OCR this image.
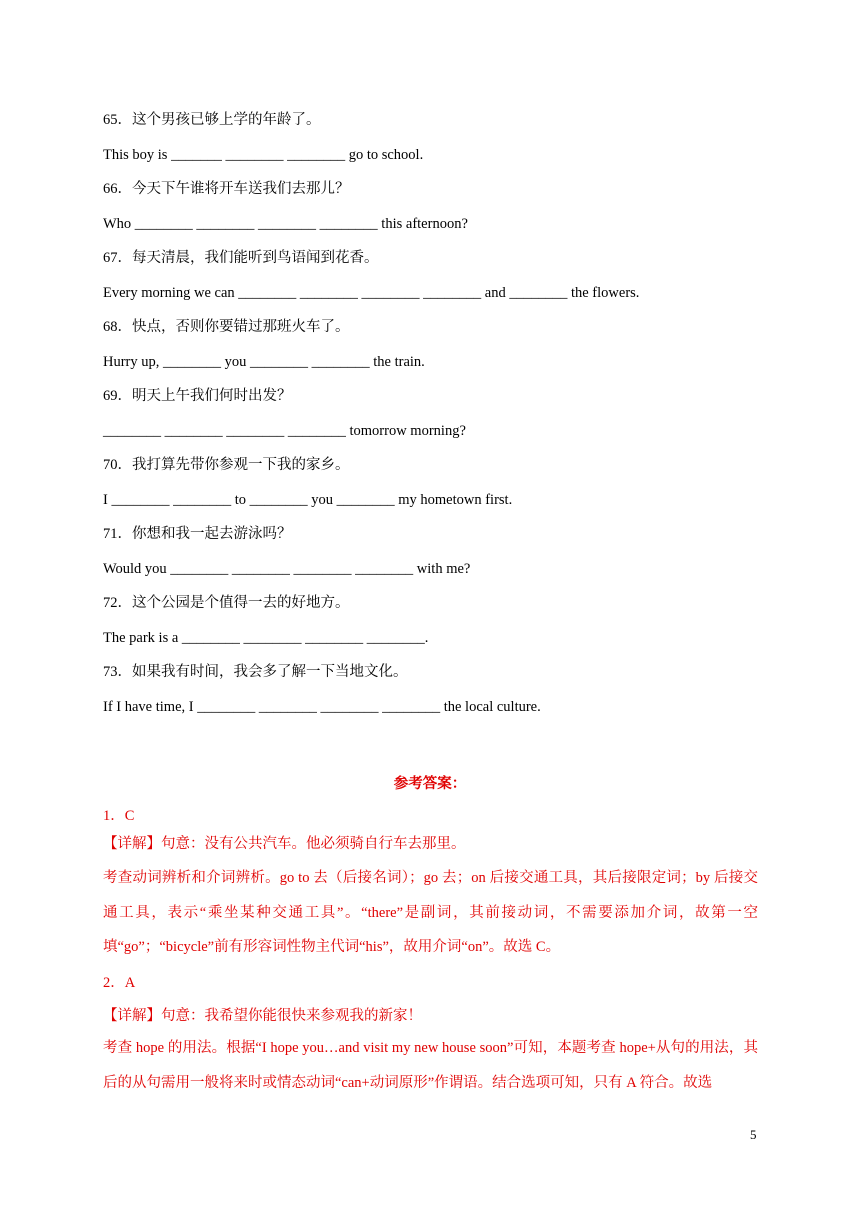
65．这个男孩已够上学的年龄了。
This boy is _______ ________ ________ go to school.
66．今天下午谁将开车送我们去那儿？
Who ________ ________ ________ ________ this afternoon?
67．每天清晨，我们能听到鸟语闻到花香。
Every morning we can ________ ________ ________ ________ and ________ the flowers.
68．快点，否则你要错过那班火车了。
Hurry up, ________ you ________ ________ the train.
69．明天上午我们何时出发？
________ ________ ________ ________ tomorrow morning?
70．我打算先带你参观一下我的家乡。
I ________ ________ to ________ you ________ my hometown first.
71．你想和我一起去游泳吗？
Would you ________ ________ ________ ________ with me?
72．这个公园是个值得一去的好地方。
The park is a ________ ________ ________ ________.
73．如果我有时间，我会多了解一下当地文化。
If I have time, I ________ ________ ________ ________ the local culture.
参考答案：
1．C
【详解】句意：没有公共汽车。他必须骑自行车去那里。
考查动词辨析和介词辨析。go to 去（后接名词）；go 去；on 后接交通工具，其后接限定词；by 后接交通工具，表示“乘坐某种交通工具”。“there”是副词，其前接动词，不需要添加介词，故第一空填“go”；“bicycle”前有形容词性物主代词“his”，故用介词“on”。故选 C。
2．A
【详解】句意：我希望你能很快来参观我的新家！
考查 hope 的用法。根据“I hope you…and visit my new house soon”可知，本题考查 hope+从句的用法，其后的从句需用一般将来时或情态动词“can+动词原形”作谓语。结合选项可知，只有 A 符合。故选
5
